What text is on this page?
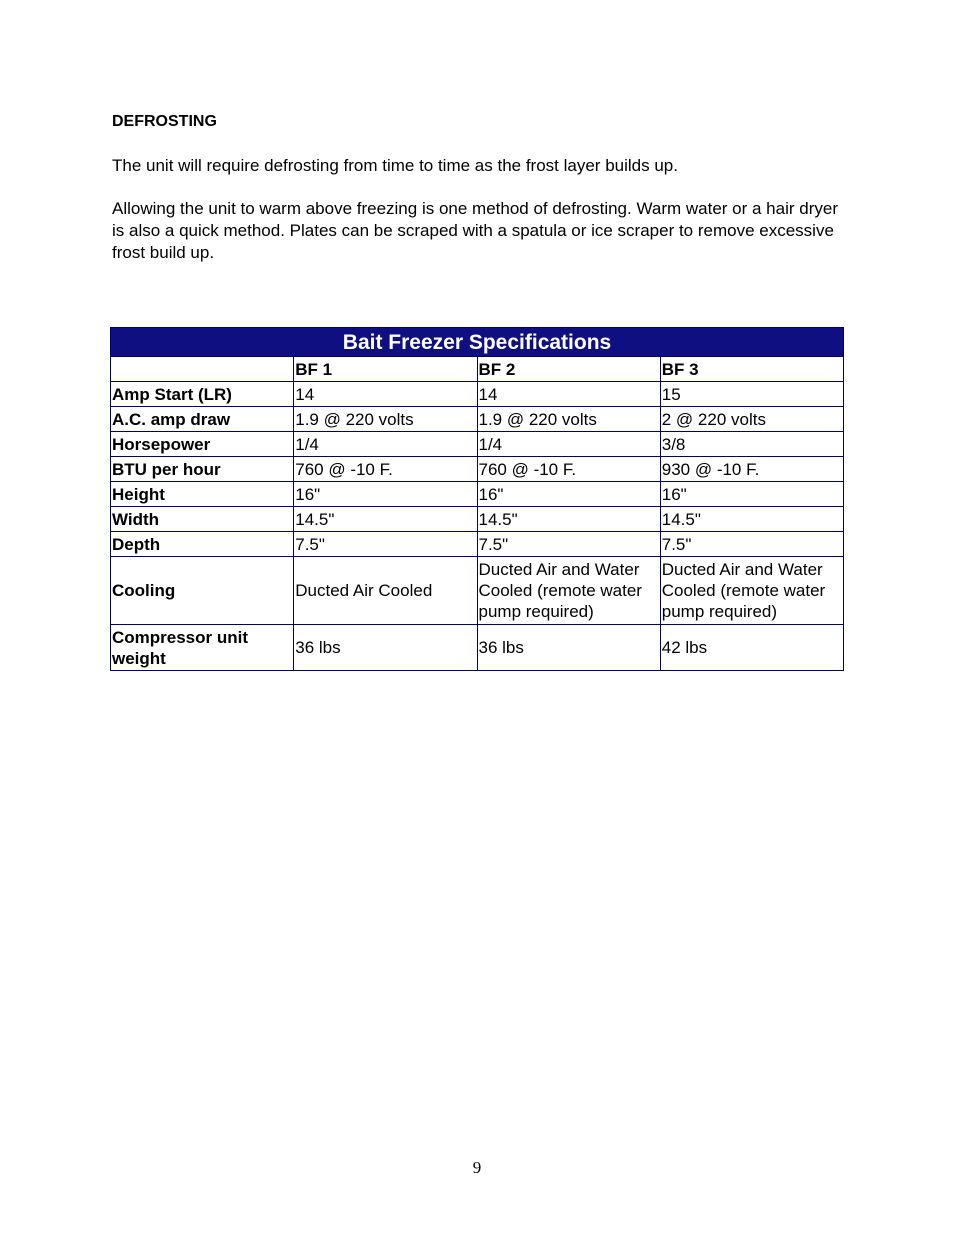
DEFROSTING

The unit will require defrosting from time to time as the frost layer builds up.

Allowing the unit to warm above freezing is one method of defrosting. Warm water or a hair dryer is also a quick method. Plates can be scraped with a spatula or ice scraper to remove excessive frost build up.

Bait Freezer Specifications			
	BF 1	BF 2	BF 3
Amp Start (LR)	14	14	15
A.C. amp draw	1.9 @ 220 volts	1.9 @ 220 volts	2 @ 220 volts
Horsepower	1/4	1/4	3/8
BTU per hour	760 @ -10 F.	760 @ -10 F.	930 @ -10 F.
Height	16"	16"	16"
Width	14.5"	14.5"	14.5"
Depth	7.5"	7.5"	7.5"
Cooling	Ducted Air Cooled	Ducted Air and Water Cooled (remote water pump required)	Ducted Air and Water Cooled (remote water pump required)
Compressor unit weight	36 lbs	36 lbs	42 lbs
9
